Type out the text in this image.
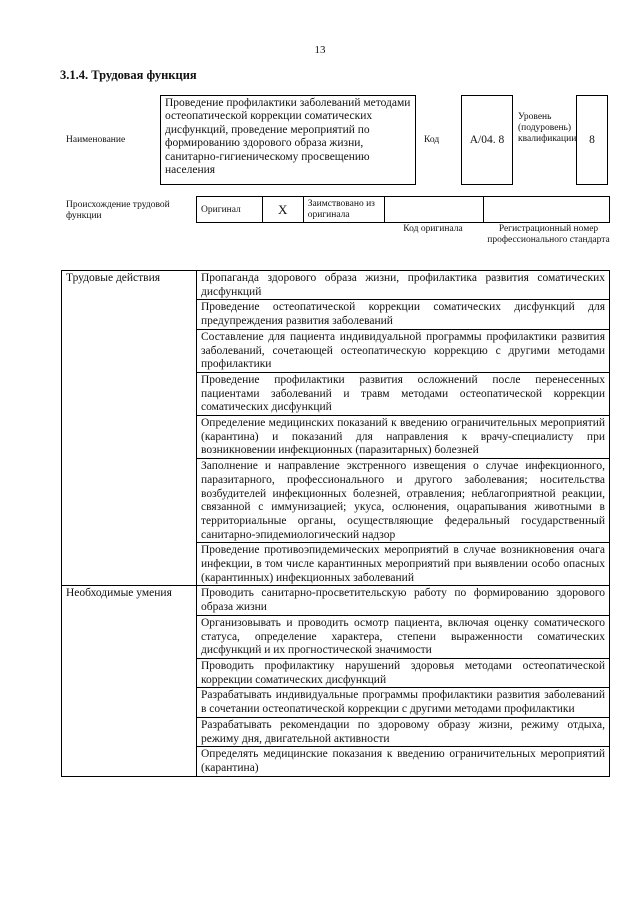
13
3.1.4. Трудовая функция
Наименование
Проведение профилактики заболеваний методами остеопатической коррекции соматических дисфункций, проведение мероприятий по формированию здорового образа жизни, санитарно-гигиеническому просвещению населения
Код	A/04. 8
Уровень (подуровень) квалификации	8
Происхождение трудовой функции
Оригинал	X	Заимствовано из оригинала		
Код оригинала	Регистрационный номер профессионального стандарта
Трудовые действия	Пропаганда здорового образа жизни, профилактика развития соматических дисфункций
	Проведение остеопатической коррекции соматических дисфункций для предупреждения развития заболеваний
	Составление для пациента индивидуальной программы профилактики развития заболеваний, сочетающей остеопатическую коррекцию с другими методами профилактики
	Проведение профилактики развития осложнений после перенесенных пациентами заболеваний и травм методами остеопатической коррекции соматических дисфункций
	Определение медицинских показаний к введению ограничительных мероприятий (карантина) и показаний для направления к врачу-специалисту при возникновении инфекционных (паразитарных) болезней
	Заполнение и направление экстренного извещения о случае инфекционного, паразитарного, профессионального и другого заболевания; носительства возбудителей инфекционных болезней, отравления; неблагоприятной реакции, связанной с иммунизацией; укуса, ослюнения, оцарапывания животными в территориальные органы, осуществляющие федеральный государственный санитарно-эпидемиологический надзор
	Проведение противоэпидемических мероприятий в случае возникновения очага инфекции, в том числе карантинных мероприятий при выявлении особо опасных (карантинных) инфекционных заболеваний
Необходимые умения	Проводить санитарно-просветительскую работу по формированию здорового образа жизни
	Организовывать и проводить осмотр пациента, включая оценку соматического статуса, определение характера, степени выраженности соматических дисфункций и их прогностической значимости
	Проводить профилактику нарушений здоровья методами остеопатической коррекции соматических дисфункций
	Разрабатывать индивидуальные программы профилактики развития заболеваний в сочетании остеопатической коррекции с другими методами профилактики
	Разрабатывать рекомендации по здоровому образу жизни, режиму отдыха, режиму дня, двигательной активности
	Определять медицинские показания к введению ограничительных мероприятий (карантина)
